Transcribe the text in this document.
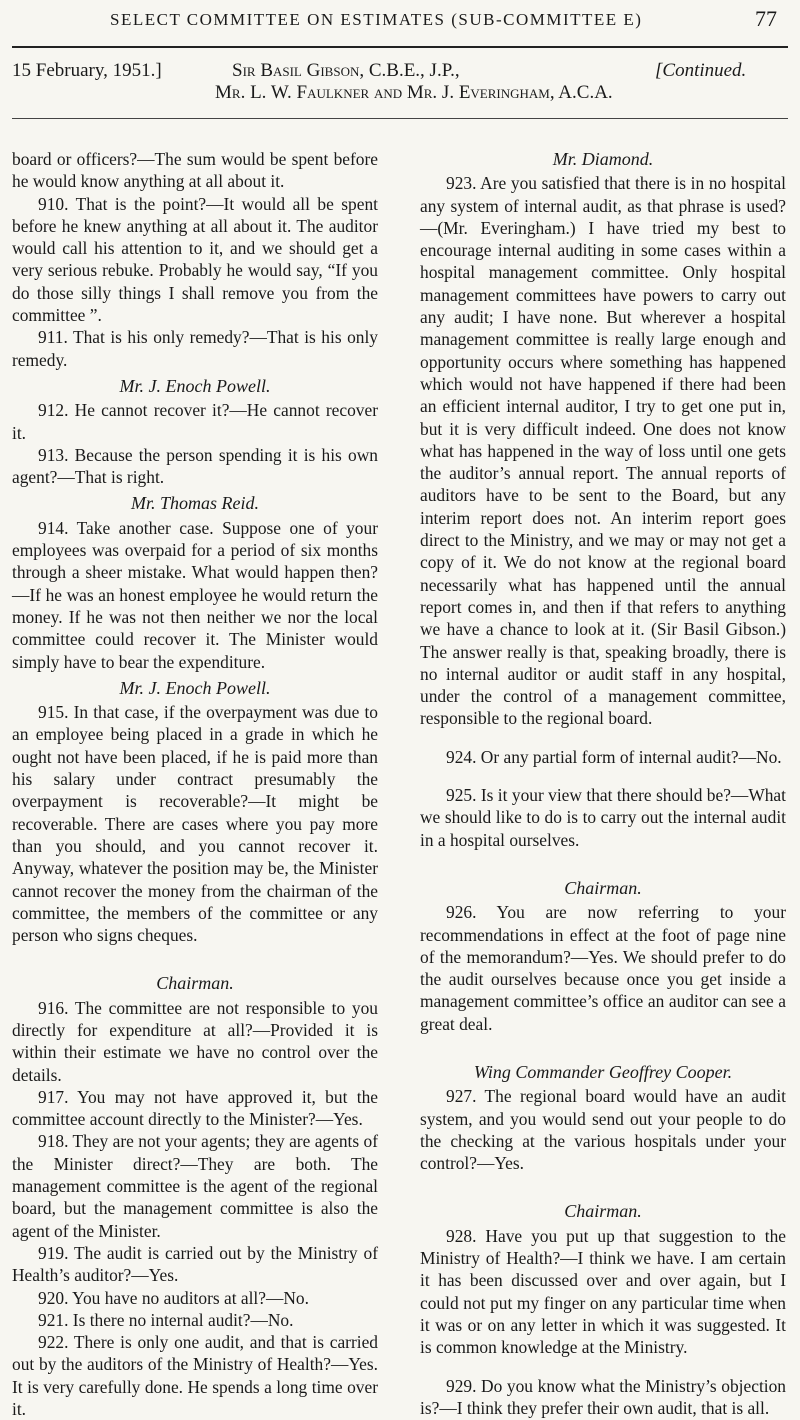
SELECT COMMITTEE ON ESTIMATES (SUB-COMMITTEE E)	77
15 February, 1951.]	Sir Basil Gibson, C.B.E., J.P.,
Mr. L. W. Faulkner and Mr. J. Everingham, A.C.A.
[Continued.

board or officers?—The sum would be spent before he would know anything at all about it.

910. That is the point?—It would all be spent before he knew anything at all about it. The auditor would call his attention to it, and we should get a very serious rebuke. Probably he would say, “If you do those silly things I shall remove you from the committee ”.

911. That is his only remedy?—That is his only remedy.

Mr. J. Enoch Powell.

912. He cannot recover it?—He cannot recover it.

913. Because the person spending it is his own agent?—That is right.

Mr. Thomas Reid.

914. Take another case. Suppose one of your employees was overpaid for a period of six months through a sheer mistake. What would happen then?—If he was an honest employee he would return the money. If he was not then neither we nor the local committee could recover it. The Minister would simply have to bear the expenditure.

Mr. J. Enoch Powell.

915. In that case, if the overpayment was due to an employee being placed in a grade in which he ought not have been placed, if he is paid more than his salary under contract presumably the overpayment is recoverable?—It might be recoverable. There are cases where you pay more than you should, and you cannot recover it. Anyway, whatever the position may be, the Minister cannot recover the money from the chairman of the committee, the members of the committee or any person who signs cheques.

Chairman.

916. The committee are not responsible to you directly for expenditure at all?—Provided it is within their estimate we have no control over the details.

917. You may not have approved it, but the committee account directly to the Minister?—Yes.

918. They are not your agents; they are agents of the Minister direct?—They are both. The management committee is the agent of the regional board, but the management committee is also the agent of the Minister.

919. The audit is carried out by the Ministry of Health’s auditor?—Yes.

920. You have no auditors at all?—No.

921. Is there no internal audit?—No.

922. There is only one audit, and that is carried out by the auditors of the Ministry of Health?—Yes. It is very carefully done. He spends a long time over it.

Mr. Diamond.

923. Are you satisfied that there is in no hospital any system of internal audit, as that phrase is used?—(Mr. Everingham.) I have tried my best to encourage internal auditing in some cases within a hospital management committee. Only hospital management committees have powers to carry out any audit; I have none. But wherever a hospital management committee is really large enough and opportunity occurs where something has happened which would not have happened if there had been an efficient internal auditor, I try to get one put in, but it is very difficult indeed. One does not know what has happened in the way of loss until one gets the auditor’s annual report. The annual reports of auditors have to be sent to the Board, but any interim report does not. An interim report goes direct to the Ministry, and we may or may not get a copy of it. We do not know at the regional board necessarily what has happened until the annual report comes in, and then if that refers to anything we have a chance to look at it. (Sir Basil Gibson.) The answer really is that, speaking broadly, there is no internal auditor or audit staff in any hospital, under the control of a management committee, responsible to the regional board.

924. Or any partial form of internal audit?—No.

925. Is it your view that there should be?—What we should like to do is to carry out the internal audit in a hospital ourselves.

Chairman.

926. You are now referring to your recommendations in effect at the foot of page nine of the memorandum?—Yes. We should prefer to do the audit ourselves because once you get inside a management committee’s office an auditor can see a great deal.

Wing Commander Geoffrey Cooper.

927. The regional board would have an audit system, and you would send out your people to do the checking at the various hospitals under your control?—Yes.

Chairman.

928. Have you put up that suggestion to the Ministry of Health?—I think we have. I am certain it has been discussed over and over again, but I could not put my finger on any particular time when it was or on any letter in which it was suggested. It is common knowledge at the Ministry.

929. Do you know what the Ministry’s objection is?—I think they prefer their own audit, that is all.
